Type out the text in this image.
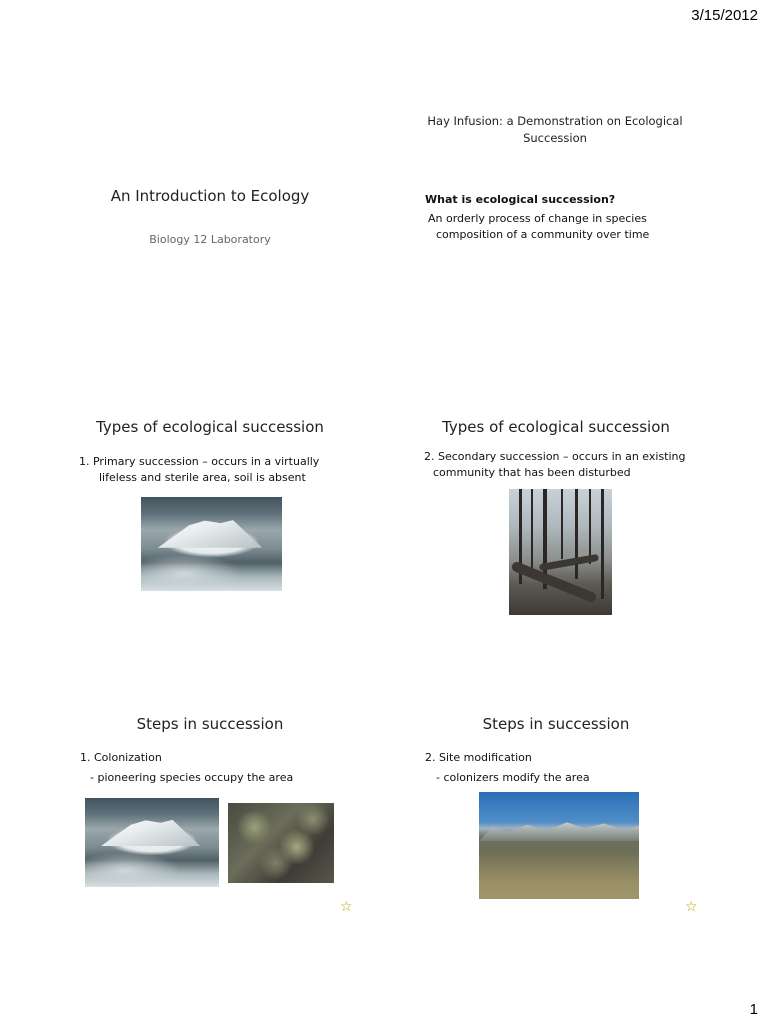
3/15/2012
1
An Introduction to Ecology
Biology 12 Laboratory
Hay Infusion: a Demonstration on Ecological
Succession
What is ecological succession?
An orderly process of change in species
composition of a community over time
Types of ecological succession
1. Primary succession – occurs in a virtually
lifeless and sterile area, soil is absent
Types of ecological succession
2. Secondary succession – occurs in an existing
community that has been disturbed
Steps in succession
1. Colonization
- pioneering species occupy the area
☆
Steps in succession
2. Site modification
- colonizers modify the area
☆
